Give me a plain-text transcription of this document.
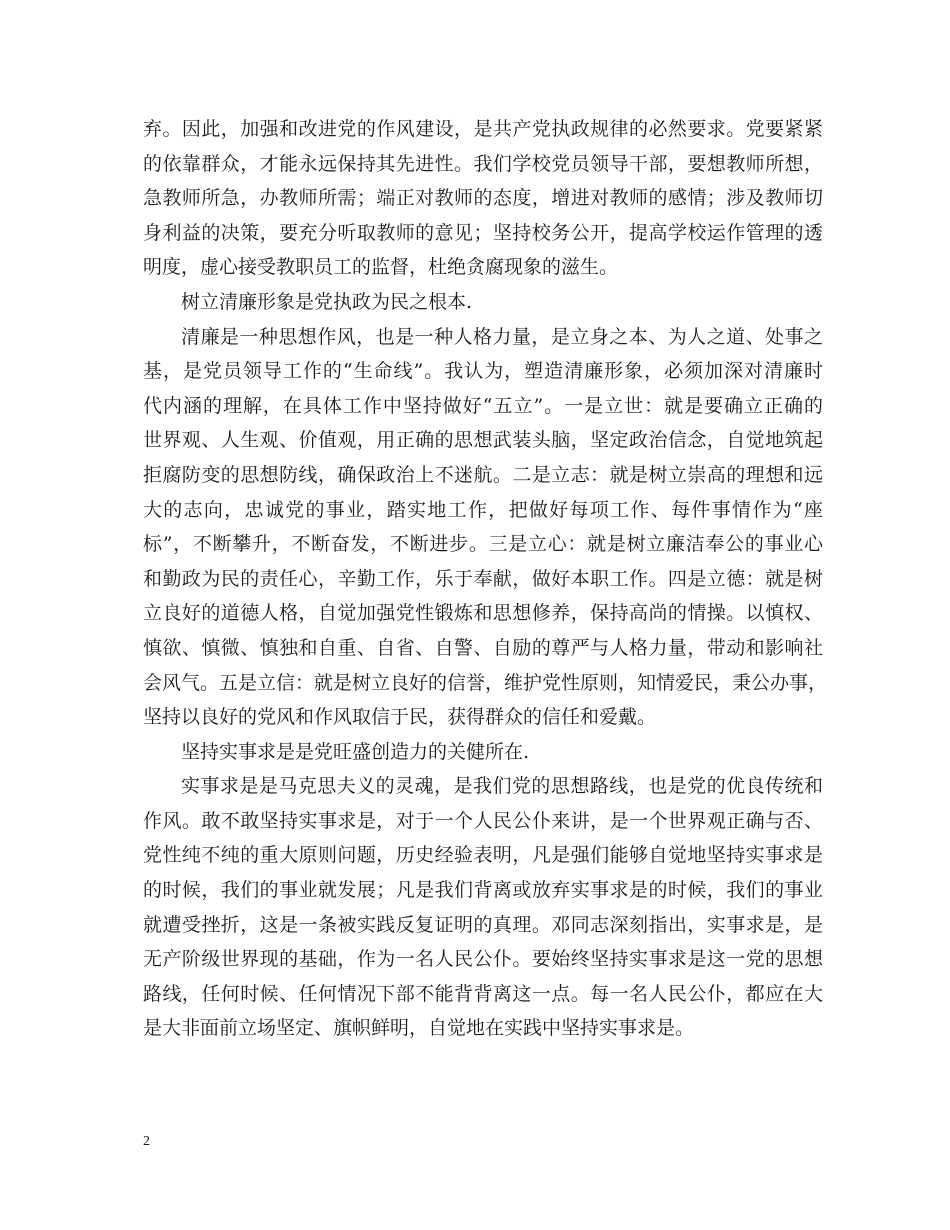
弃。因此，加强和改进党的作风建设，是共产党执政规律的必然要求。党要紧紧
的依靠群众，才能永远保持其先进性。我们学校党员领导干部，要想教师所想，
急教师所急，办教师所需；端正对教师的态度，增进对教师的感情；涉及教师切
身利益的决策，要充分听取教师的意见；坚持校务公开，提高学校运作管理的透
明度，虚心接受教职员工的监督，杜绝贪腐现象的滋生。
树立清廉形象是党执政为民之根本.
清廉是一种思想作风，也是一种人格力量，是立身之本、为人之道、处事之
基，是党员领导工作的“生命线”。我认为，塑造清廉形象，必须加深对清廉时
代内涵的理解，在具体工作中坚持做好“五立”。一是立世：就是要确立正确的
世界观、人生观、价值观，用正确的思想武装头脑，坚定政治信念，自觉地筑起
拒腐防变的思想防线，确保政治上不迷航。二是立志：就是树立崇高的理想和远
大的志向，忠诚党的事业，踏实地工作，把做好每项工作、每件事情作为“座
标”，不断攀升，不断奋发，不断进步。三是立心：就是树立廉洁奉公的事业心
和勤政为民的责任心，辛勤工作，乐于奉献，做好本职工作。四是立德：就是树
立良好的道德人格，自觉加强党性锻炼和思想修养，保持高尚的情操。以慎权、
慎欲、慎微、慎独和自重、自省、自警、自励的尊严与人格力量，带动和影响社
会风气。五是立信：就是树立良好的信誉，维护党性原则，知情爱民，秉公办事，
坚持以良好的党风和作风取信于民，获得群众的信任和爱戴。
坚持实事求是是党旺盛创造力的关健所在.
实事求是是马克思夫义的灵魂，是我们党的思想路线，也是党的优良传统和
作风。敢不敢坚持实事求是，对于一个人民公仆来讲，是一个世界观正确与否、
党性纯不纯的重大原则问题，历史经验表明，凡是强们能够自觉地坚持实事求是
的时候，我们的事业就发展；凡是我们背离或放弃实事求是的时候，我们的事业
就遭受挫折，这是一条被实践反复证明的真理。邓同志深刻指出，实事求是，是
无产阶级世界现的基础，作为一名人民公仆。要始终坚持实事求是这一党的思想
路线，任何时候、任何情况下部不能背背离这一点。每一名人民公仆，都应在大
是大非面前立场坚定、旗帜鲜明，自觉地在实践中坚持实事求是。
2
